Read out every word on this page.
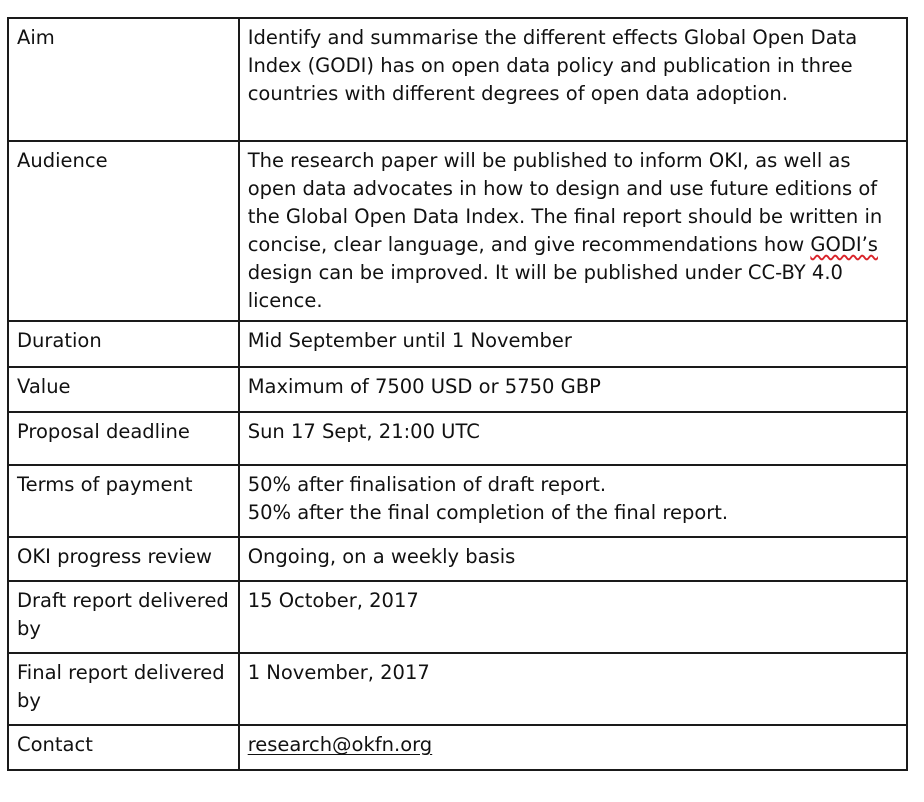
Aim	Identify and summarise the different effects Global Open Data Index (GODI) has on open data policy and publication in three countries with different degrees of open data adoption.

Audience	The research paper will be published to inform OKI, as well as open data advocates in how to design and use future editions of the Global Open Data Index. The final report should be written in concise, clear language, and give recommendations how GODI’s design can be improved. It will be published under CC-BY 4.0 licence.

Duration	Mid September until 1 November

Value	Maximum of 7500 USD or 5750 GBP

Proposal deadline	Sun 17 Sept, 21:00 UTC

Terms of payment	50% after finalisation of draft report.
50% after the final completion of the final report.

OKI progress review	Ongoing, on a weekly basis

Draft report delivered by	15 October, 2017

Final report delivered by	1 November, 2017

Contact	research@okfn.org
